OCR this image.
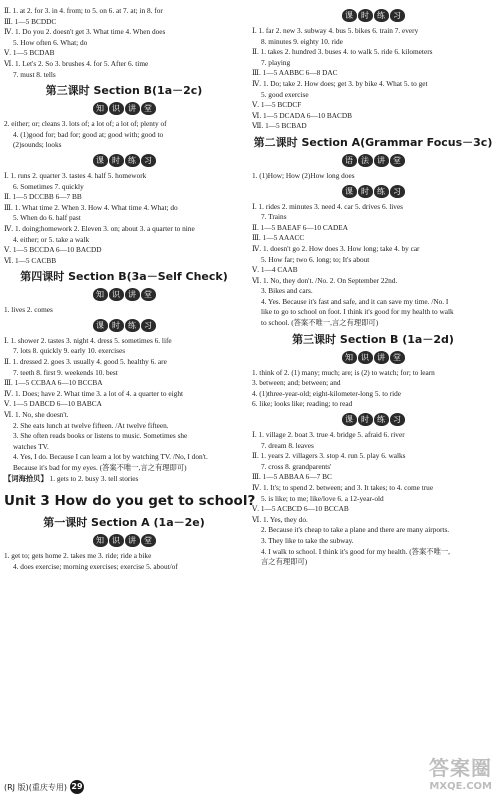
Ⅱ. 1. at 2. for 3. in 4. from; to 5. on 6. at 7. at; in 8. for
Ⅲ. 1—5 BCDDC
Ⅳ. 1. Do you 2. doesn't get 3. What time 4. When does
5. How often 6. What; do
Ⅴ. 1—5 BCDAB
Ⅵ. 1. Let's 2. So 3. brushes 4. for 5. After 6. time
7. must 8. tells
第三课时 Section B(1a－2c)
知	识	讲	堂
2. either; or; cleans 3. lots of; a lot of; a lot of; plenty of
4. (1)good for; bad for; good at; good with; good to
(2)sounds; looks
课	时	练	习
Ⅰ. 1. runs 2. quarter 3. tastes 4. half 5. homework
6. Sometimes 7. quickly
Ⅱ. 1—5 DCCBB 6—7 BB
Ⅲ. 1. What time 2. When 3. How 4. What time 4. What; do
5. When do 6. half past
Ⅳ. 1. doing;homework 2. Eleven 3. on; about 3. a quarter to nine
4. either; or 5. take a walk
Ⅴ. 1—5 BCCDA 6—10 BACDD
Ⅵ. 1—5 CACBB
第四课时 Section B(3a－Self Check)
知	识	讲	堂
1. lives 2. comes
课	时	练	习
Ⅰ. 1. shower 2. tastes 3. night 4. dress 5. sometimes 6. life
7. lots 8. quickly 9. early 10. exercises
Ⅱ. 1. dressed 2. goes 3. usually 4. good 5. healthy 6. are
7. teeth 8. first 9. weekends 10. best
Ⅲ. 1—5 CCBAA 6—10 BCCBA
Ⅳ. 1. Does; have 2. What time 3. a lot of 4. a quarter to eight
Ⅴ. 1—5 DABCD 6—10 BABCA
Ⅵ. 1. No, she doesn't.
2. She eats lunch at twelve fifteen. /At twelve fifteen.
3. She often reads books or listens to music. Sometimes she
watches TV.
4. Yes, I do. Because I can learn a lot by watching TV. /No, I don't.
Because it's bad for my eyes. (答案不唯一,言之有理即可)
【词海拾贝】 1. gets to 2. busy 3. tell stories
Unit 3 How do you get to school?
第一课时 Section A (1a－2e)
知	识	讲	堂
1. get to; gets home 2. takes me 3. ride; ride a bike
4. does exercise; morning exercises; exercise 5. about/of
课	时	练	习
Ⅰ. 1. far 2. new 3. subway 4. bus 5. bikes 6. train 7. every
8. minutes 9. eighty 10. ride
Ⅱ. 1. takes 2. hundred 3. buses 4. to walk 5. ride 6. kilometers
7. playing
Ⅲ. 1—5 AABBC 6—8 DAC
Ⅳ. 1. Do; take 2. How does; get 3. by bike 4. What 5. to get
5. good exercise
Ⅴ. 1—5 BCDCF
Ⅵ. 1—5 DCADA 6—10 BACDB
Ⅶ. 1—5 BCBAD
第二课时 Section A(Grammar Focus－3c)
语	法	讲	堂
1. (1)How; How (2)How long does
课	时	练	习
Ⅰ. 1. rides 2. minutes 3. need 4. car 5. drives 6. lives
7. Trains
Ⅱ. 1—5 BAEAF 6—10 CADEA
Ⅲ. 1—5 AAACC
Ⅳ. 1. doesn't go 2. How does 3. How long; take 4. by car
5. How far; two 6. long; to; It's about
Ⅴ. 1—4 CAAB
Ⅵ. 1. No, they don't. /No. 2. On September 22nd.
3. Bikes and cars.
4. Yes. Because it's fast and safe, and it can save my time. /No. I
like to go to school on foot. I think it's good for my health to walk
to school. (答案不唯一,言之有理即可)
第三课时 Section B (1a－2d)
知	识	讲	堂
1. think of 2. (1) many; much; are; is (2) to watch; for; to learn
3. between; and; between; and
4. (1)three-year-old; eight-kilometer-long 5. to ride
6. like; looks like; reading; to read
课	时	练	习
Ⅰ. 1. village 2. boat 3. true 4. bridge 5. afraid 6. river
7. dream 8. leaves
Ⅱ. 1. years 2. villagers 3. stop 4. run 5. play 6. walks
7. cross 8. grandparents'
Ⅲ. 1—5 ABBAA 6—7 BC
Ⅳ. 1. It's; to spend 2. between; and 3. It takes; to 4. come true
5. is like; to me; like/love 6. a 12-year-old
Ⅴ. 1—5 ACBCD 6—10 BCCAB
Ⅵ. 1. Yes, they do.
2. Because it's cheap to take a plane and there are many airports.
3. They like to take the subway.
4. I walk to school. I think it's good for my health. (答案不唯一,
言之有理即可)
(RJ 版)(重庆专用) 29
答案圈
MXQE.COM
